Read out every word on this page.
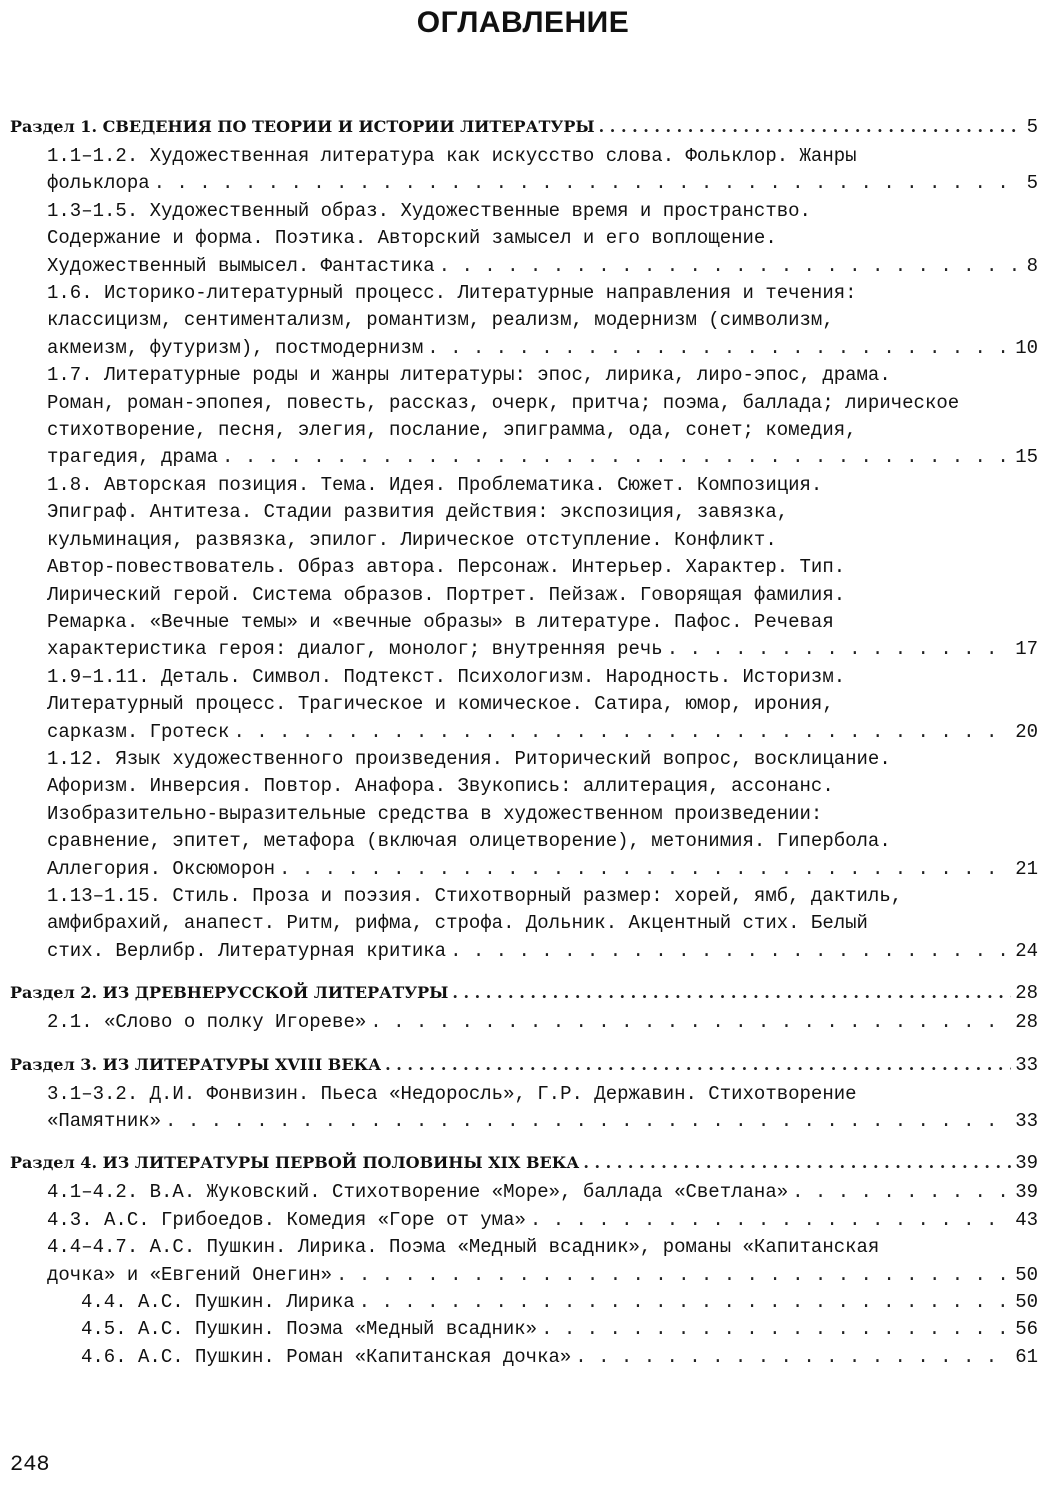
ОГЛАВЛЕНИЕ
Раздел 1. СВЕДЕНИЯ ПО ТЕОРИИ И ИСТОРИИ ЛИТЕРАТУРЫ . . .	5
1.1–1.2. Художественная литература как искусство слова. Фольклор. Жанры
фольклора . . .	5
1.3–1.5. Художественный образ. Художественные время и пространство.
Содержание и форма. Поэтика. Авторский замысел и его воплощение.
Художественный вымысел. Фантастика . . .	8
1.6. Историко-литературный процесс. Литературные направления и течения:
классицизм, сентиментализм, романтизм, реализм, модернизм (символизм,
акмеизм, футуризм), постмодернизм . . .	10
1.7. Литературные роды и жанры литературы: эпос, лирика, лиро-эпос, драма.
Роман, роман-эпопея, повесть, рассказ, очерк, притча; поэма, баллада; лирическое
стихотворение, песня, элегия, послание, эпиграмма, ода, сонет; комедия,
трагедия, драма . . .	15
1.8. Авторская позиция. Тема. Идея. Проблематика. Сюжет. Композиция.
Эпиграф. Антитеза. Стадии развития действия: экспозиция, завязка,
кульминация, развязка, эпилог. Лирическое отступление. Конфликт.
Автор-повествователь. Образ автора. Персонаж. Интерьер. Характер. Тип.
Лирический герой. Система образов. Портрет. Пейзаж. Говорящая фамилия.
Ремарка. «Вечные темы» и «вечные образы» в литературе. Пафос. Речевая
характеристика героя: диалог, монолог; внутренняя речь . . .	17
1.9–1.11. Деталь. Символ. Подтекст. Психологизм. Народность. Историзм.
Литературный процесс. Трагическое и комическое. Сатира, юмор, ирония,
сарказм. Гротеск . . .	20
1.12. Язык художественного произведения. Риторический вопрос, восклицание.
Афоризм. Инверсия. Повтор. Анафора. Звукопись: аллитерация, ассонанс.
Изобразительно-выразительные средства в художественном произведении:
сравнение, эпитет, метафора (включая олицетворение), метонимия. Гипербола.
Аллегория. Оксюморон . . .	21
1.13–1.15. Стиль. Проза и поэзия. Стихотворный размер: хорей, ямб, дактиль,
амфибрахий, анапест. Ритм, рифма, строфа. Дольник. Акцентный стих. Белый
стих. Верлибр. Литературная критика . . .	24
Раздел 2. ИЗ ДРЕВНЕРУССКОЙ ЛИТЕРАТУРЫ . . .	28
2.1. «Слово о полку Игореве» . . .	28
Раздел 3. ИЗ ЛИТЕРАТУРЫ XVIII ВЕКА . . .	33
3.1–3.2. Д.И. Фонвизин. Пьеса «Недоросль», Г.Р. Державин. Стихотворение
«Памятник» . . .	33
Раздел 4. ИЗ ЛИТЕРАТУРЫ ПЕРВОЙ ПОЛОВИНЫ XIX ВЕКА . . .	39
4.1–4.2. В.А. Жуковский. Стихотворение «Море», баллада «Светлана» . . .	39
4.3. А.С. Грибоедов. Комедия «Горе от ума» . . .	43
4.4–4.7. А.С. Пушкин. Лирика. Поэма «Медный всадник», романы «Капитанская
дочка» и «Евгений Онегин» . . .	50
4.4. А.С. Пушкин. Лирика . . .	50
4.5. А.С. Пушкин. Поэма «Медный всадник» . . .	56
4.6. А.С. Пушкин. Роман «Капитанская дочка» . . .	61
248
